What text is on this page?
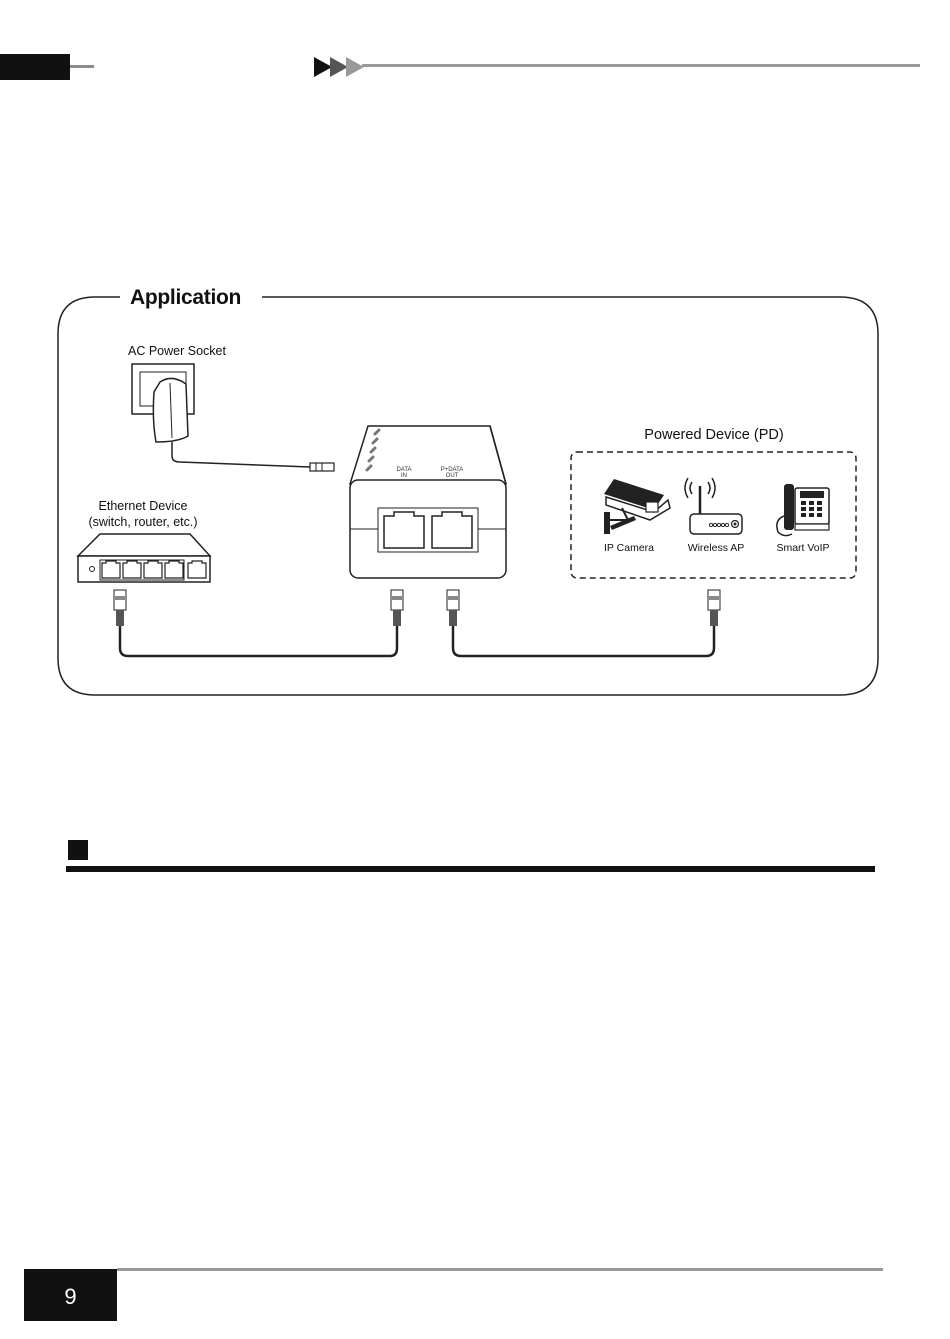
Application
AC Power Socket
Ethernet Device
(switch, router, etc.)
DATA
IN
P+DATA
OUT
Powered Device (PD)
IP Camera	Wireless AP	Smart VoIP
9
